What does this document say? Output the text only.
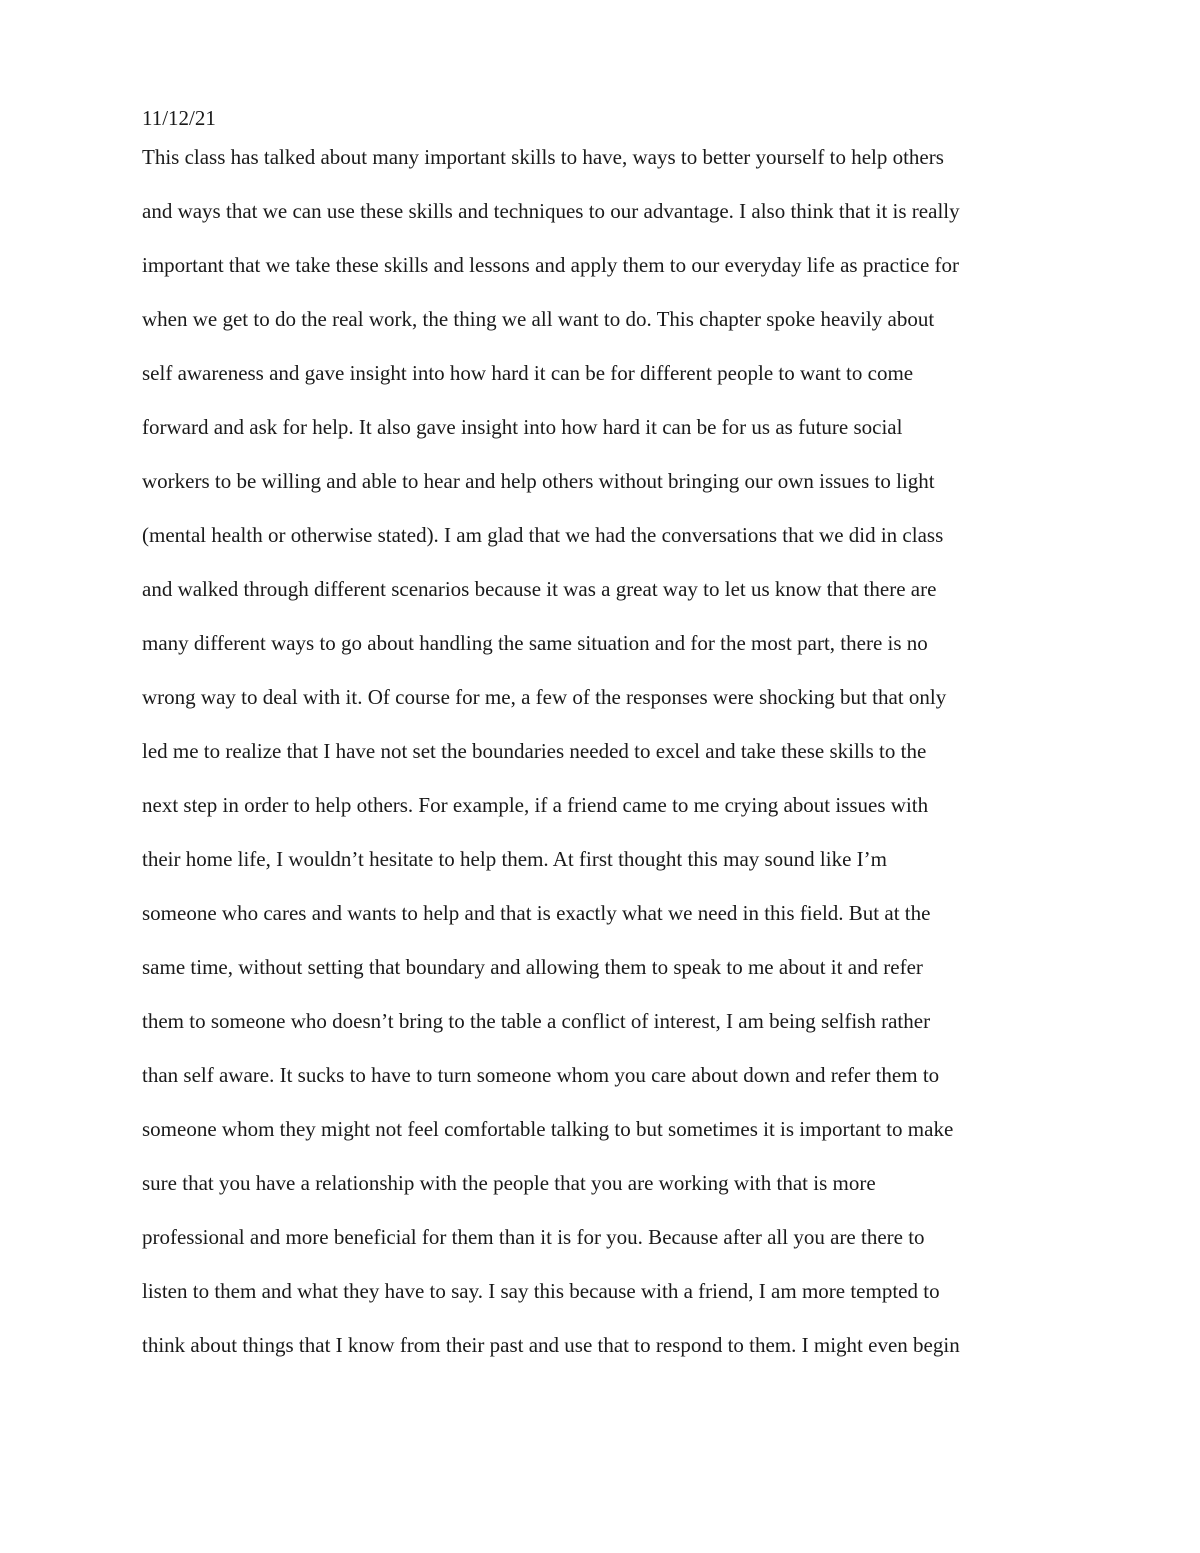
11/12/21
This class has talked about many important skills to have, ways to better yourself to help others
and ways that we can use these skills and techniques to our advantage. I also think that it is really
important that we take these skills and lessons and apply them to our everyday life as practice for
when we get to do the real work, the thing we all want to do. This chapter spoke heavily about
self awareness and gave insight into how hard it can be for different people to want to come
forward and ask for help. It also gave insight into how hard it can be for us as future social
workers to be willing and able to hear and help others without bringing our own issues to light
(mental health or otherwise stated). I am glad that we had the conversations that we did in class
and walked through different scenarios because it was a great way to let us know that there are
many different ways to go about handling the same situation and for the most part, there is no
wrong way to deal with it. Of course for me, a few of the responses were shocking but that only
led me to realize that I have not set the boundaries needed to excel and take these skills to the
next step in order to help others. For example, if a friend came to me crying about issues with
their home life, I wouldn’t hesitate to help them. At first thought this may sound like I’m
someone who cares and wants to help and that is exactly what we need in this field. But at the
same time, without setting that boundary and allowing them to speak to me about it and refer
them to someone who doesn’t bring to the table a conflict of interest, I am being selfish rather
than self aware. It sucks to have to turn someone whom you care about down and refer them to
someone whom they might not feel comfortable talking to but sometimes it is important to make
sure that you have a relationship with the people that you are working with that is more
professional and more beneficial for them than it is for you. Because after all you are there to
listen to them and what they have to say. I say this because with a friend, I am more tempted to
think about things that I know from their past and use that to respond to them. I might even begin
